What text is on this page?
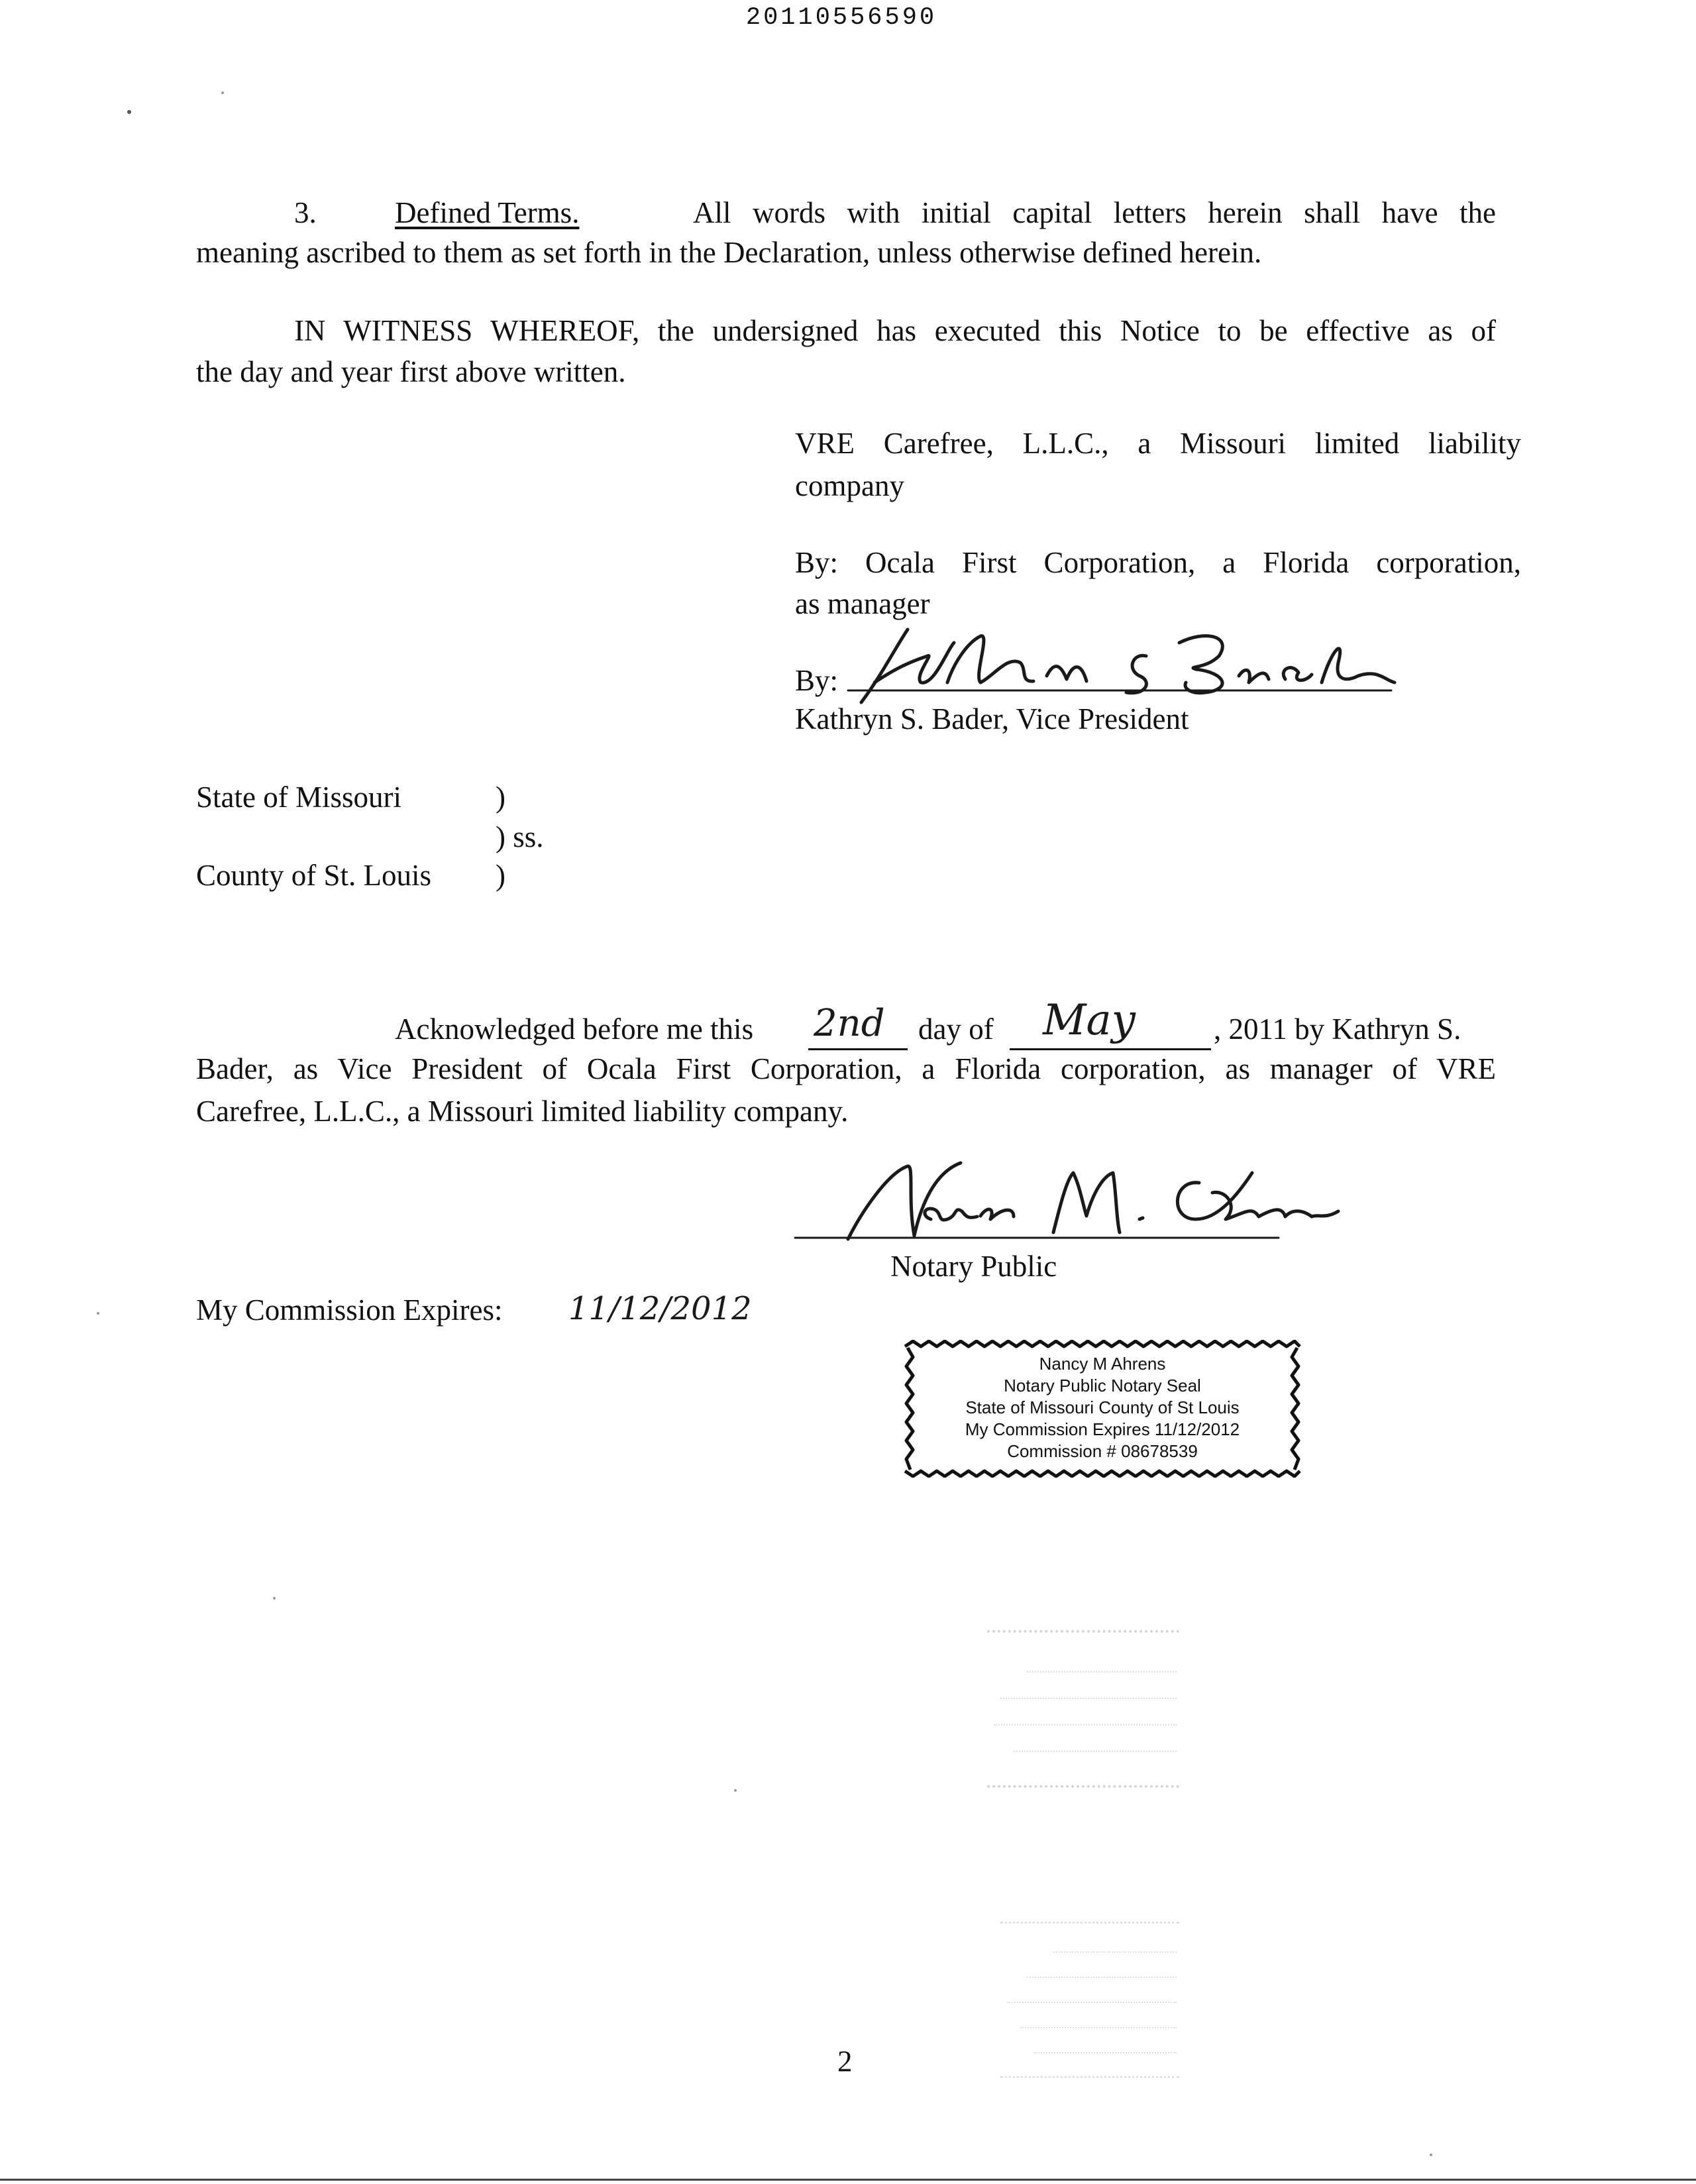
20110556590
3.	Defined Terms.	All words with initial capital letters herein shall have the
meaning ascribed to them as set forth in the Declaration, unless otherwise defined herein.
IN WITNESS WHEREOF, the undersigned has executed this Notice to be effective as of
the day and year first above written.
VRE Carefree, L.L.C., a Missouri limited liability
company
By: Ocala First Corporation, a Florida corporation,
as manager
By:
Kathryn S. Bader, Vice President
State of Missouri	)
) ss.
County of St. Louis )
Acknowledged before me this 2nd day of May	, 2011 by Kathryn S.
Bader, as Vice President of Ocala First Corporation, a Florida corporation, as manager of VRE
Carefree, L.L.C., a Missouri limited liability company.
Notary Public
My Commission Expires: 11/12/2012
Nancy M Ahrens
Notary Public Notary Seal
State of Missouri County of St Louis
My Commission Expires 11/12/2012
Commission # 08678539
2
